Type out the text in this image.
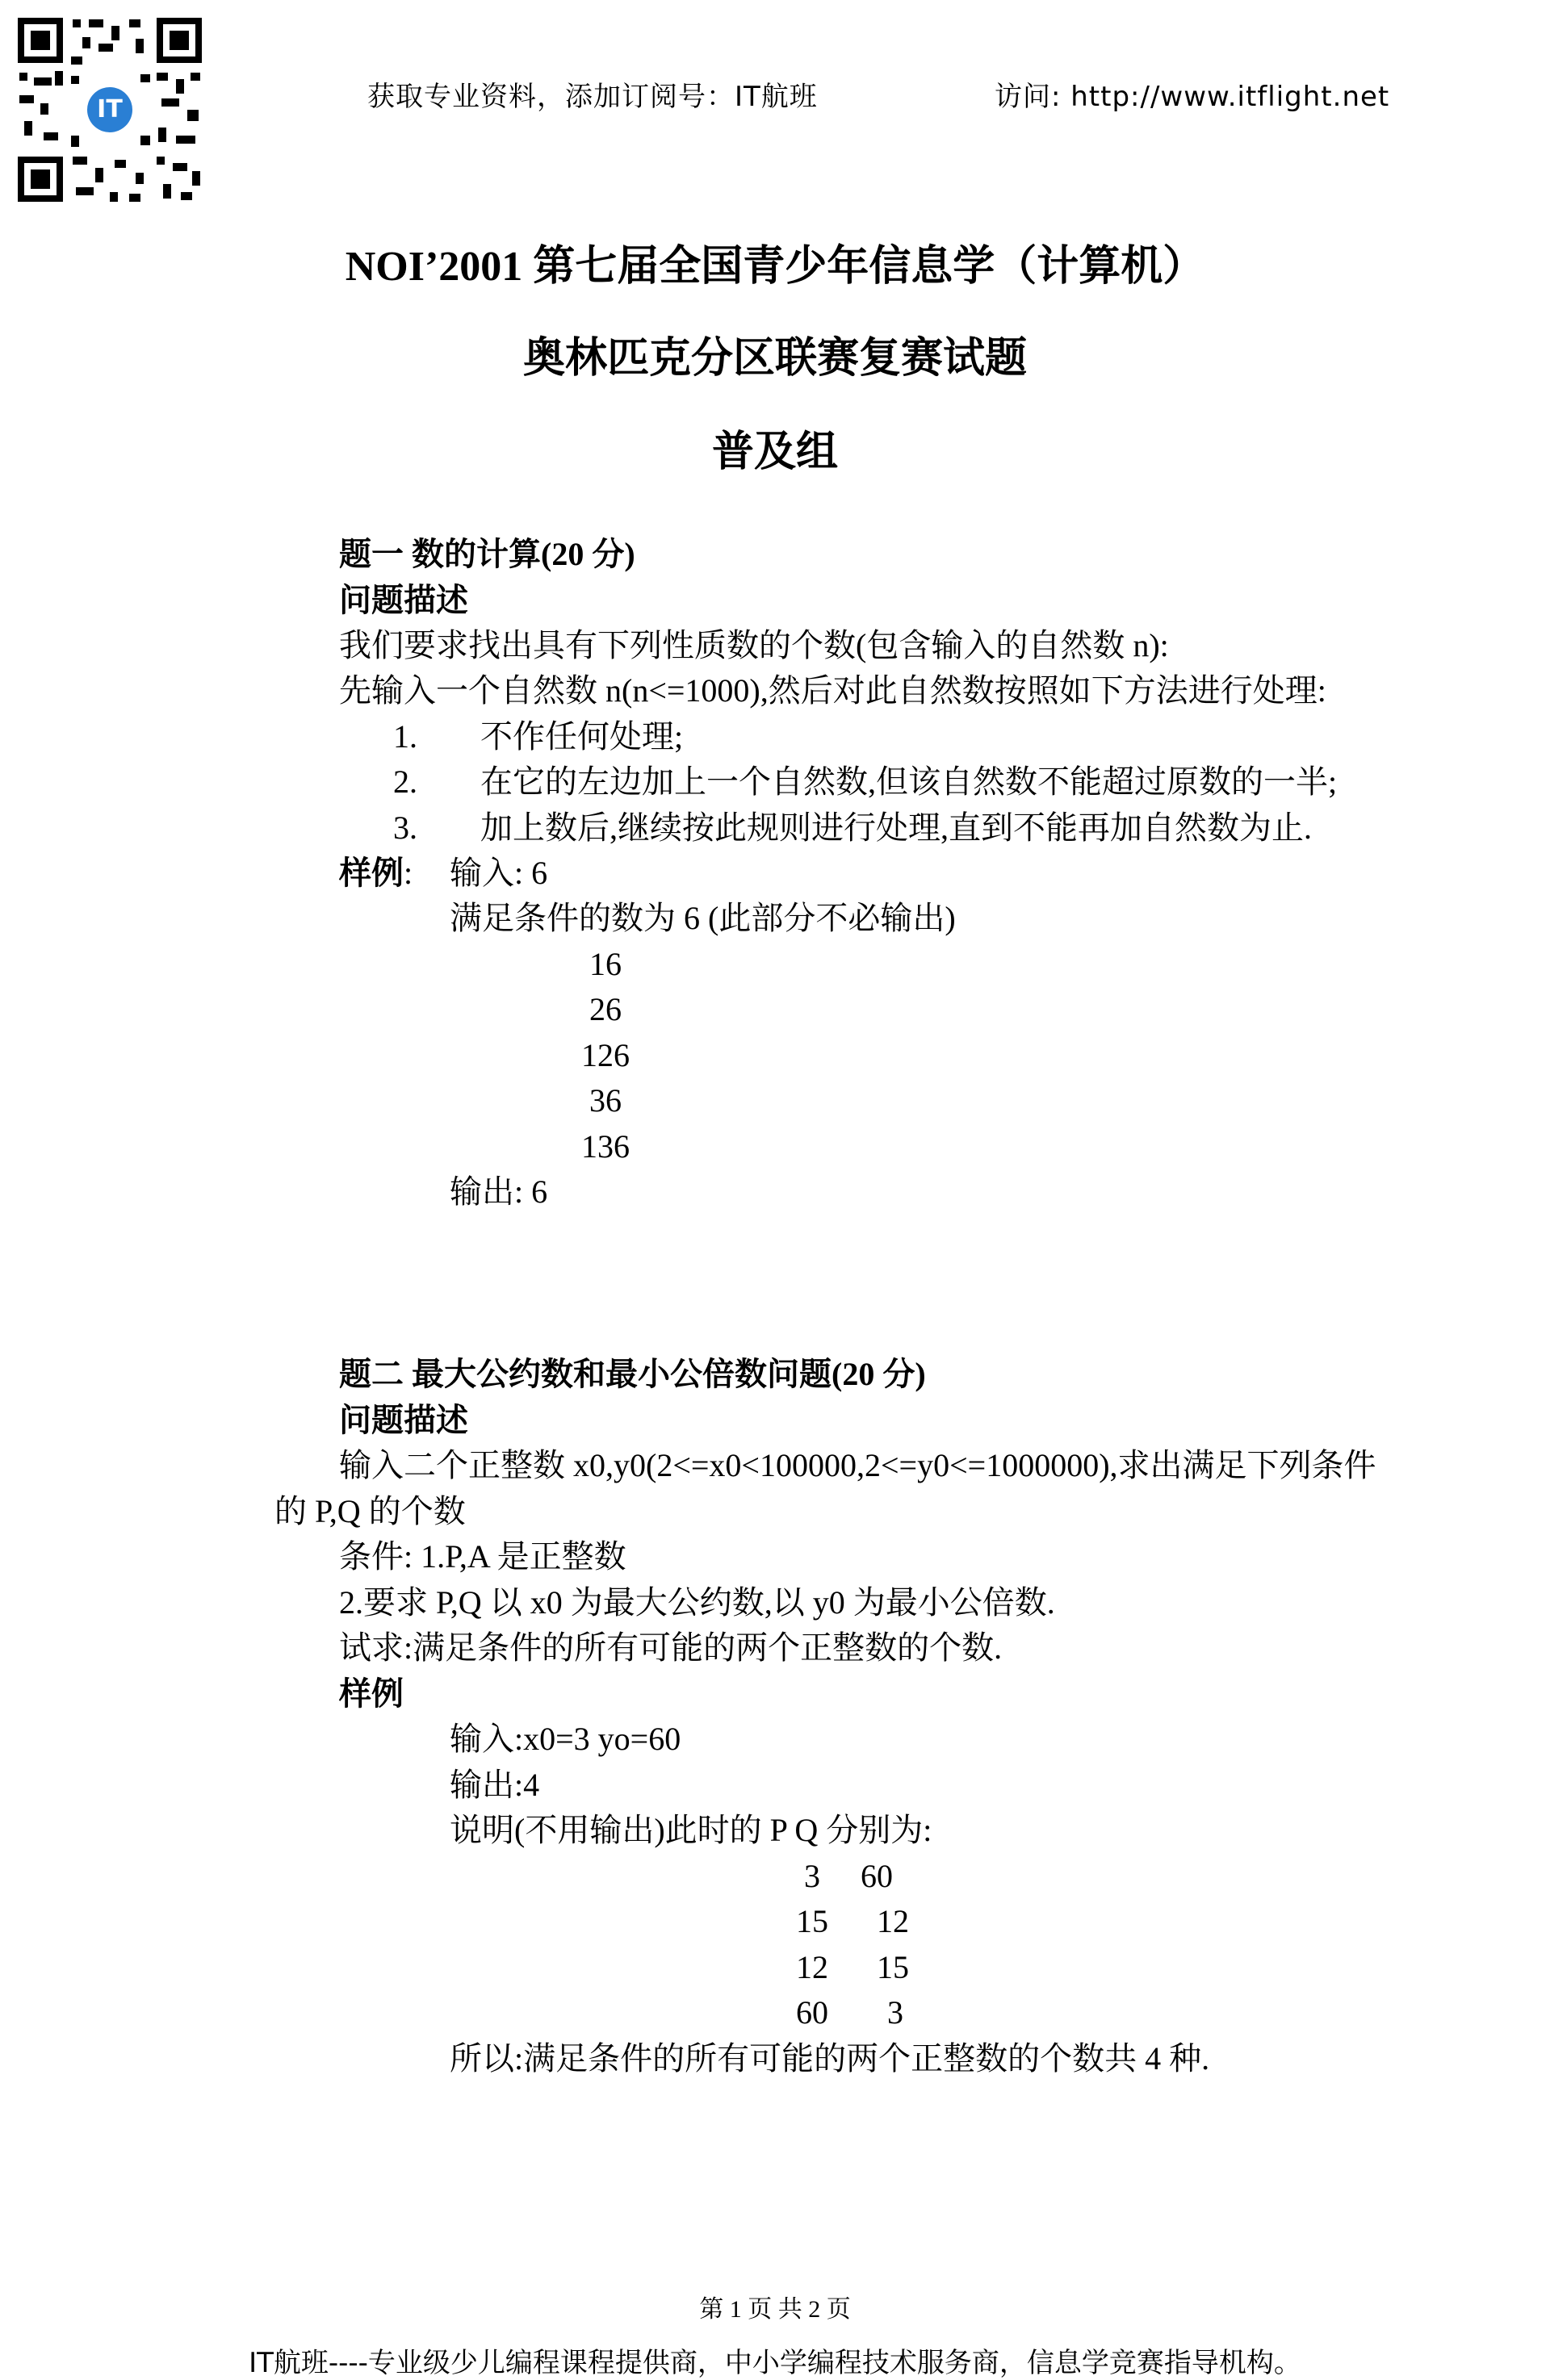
IT	获取专业资料，添加订阅号：IT航班	访问: http://www.itflight.net
NOI’2001 第七届全国青少年信息学（计算机）
奥林匹克分区联赛复赛试题
普及组
题一 数的计算(20 分)
问题描述
我们要求找出具有下列性质数的个数(包含输入的自然数 n):
先输入一个自然数 n(n<=1000),然后对此自然数按照如下方法进行处理:
1. 不作任何处理;
2. 在它的左边加上一个自然数,但该自然数不能超过原数的一半;
3. 加上数后,继续按此规则进行处理,直到不能再加自然数为止.
样例: 输入: 6
满足条件的数为 6 (此部分不必输出)
16
26
126
36
136
输出: 6
题二 最大公约数和最小公倍数问题(20 分)
问题描述
输入二个正整数 x0,y0(2<=x0<100000,2<=y0<=1000000),求出满足下列条件
的 P,Q 的个数
条件: 1.P,A 是正整数
2.要求 P,Q 以 x0 为最大公约数,以 y0 为最小公倍数.
试求:满足条件的所有可能的两个正整数的个数.
样例
输入:x0=3 yo=60
输出:4
说明(不用输出)此时的 P Q 分别为:
3	60
15 12
12 15
60 3
所以:满足条件的所有可能的两个正整数的个数共 4 种.
第 1 页 共 2 页
IT航班----专业级少儿编程课程提供商，中小学编程技术服务商，信息学竞赛指导机构。
